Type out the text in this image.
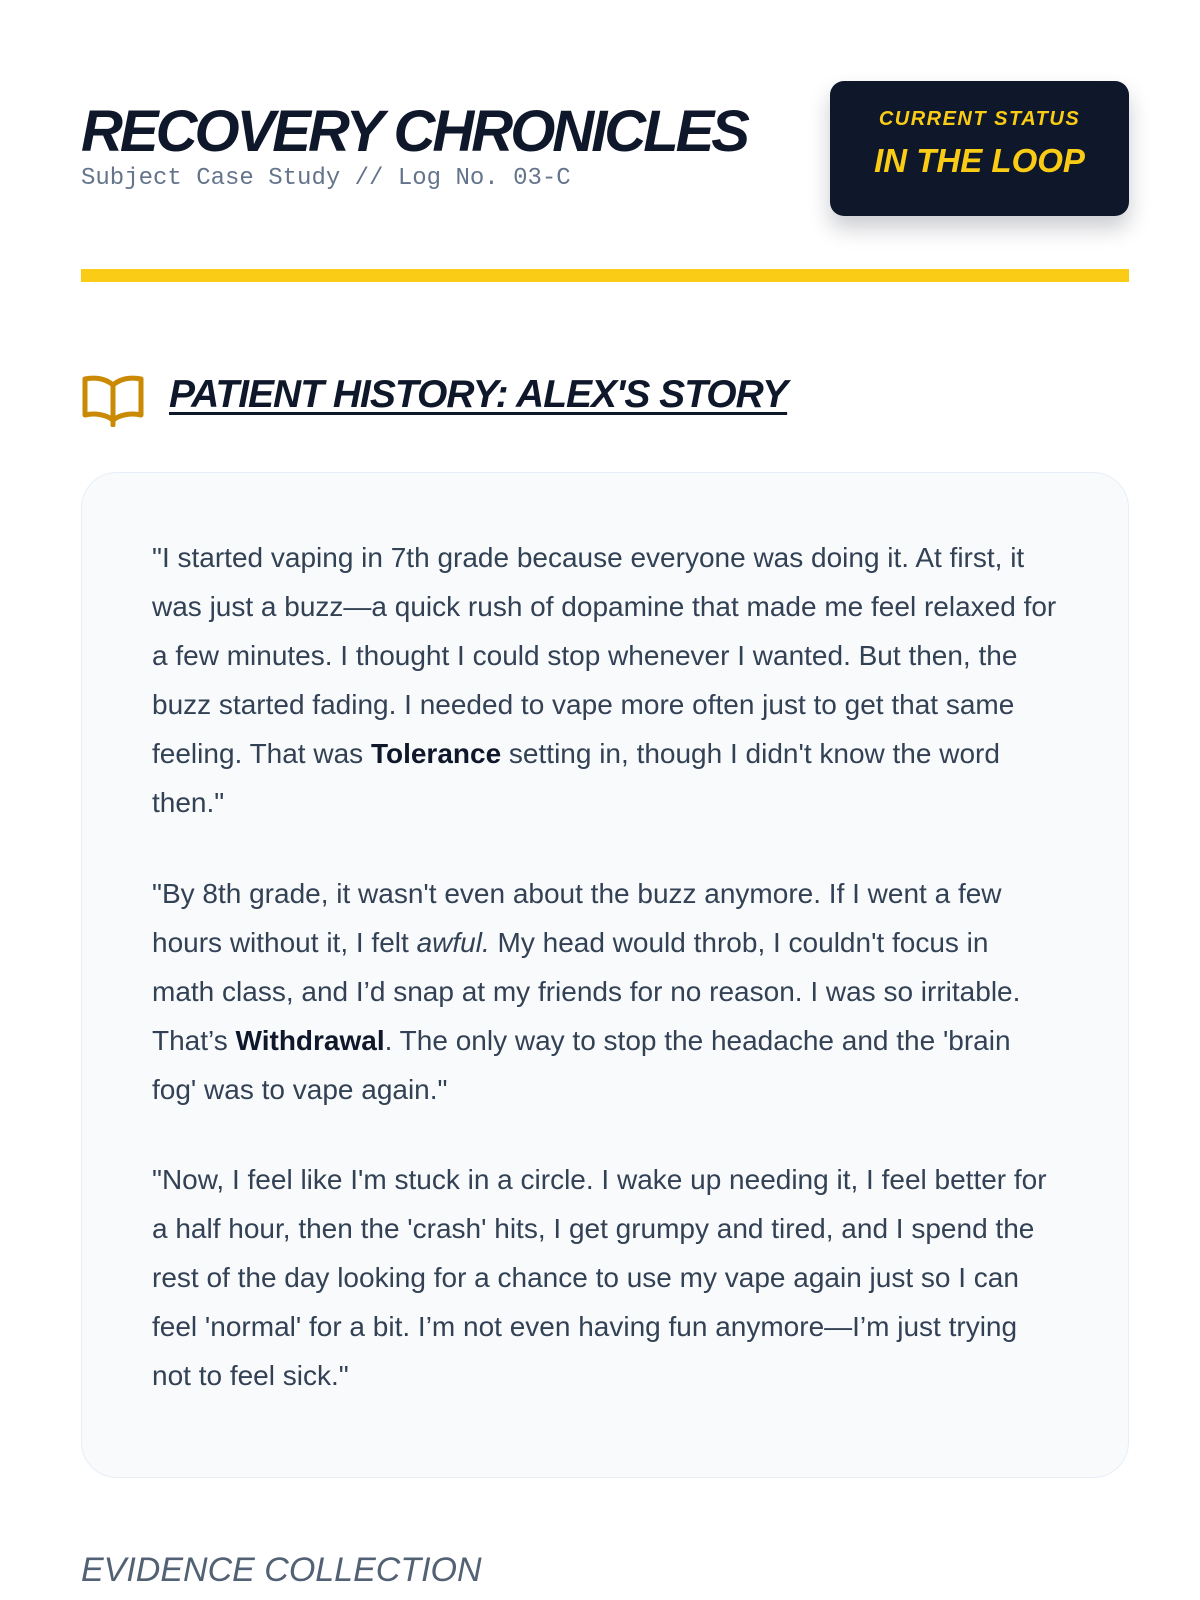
RECOVERY CHRONICLES
Subject Case Study // Log No. 03-C
CURRENT STATUS
IN THE LOOP
PATIENT HISTORY: ALEX'S STORY

"I started vaping in 7th grade because everyone was doing it. At first, it was just a buzz—a quick rush of dopamine that made me feel relaxed for a few minutes. I thought I could stop whenever I wanted. But then, the buzz started fading. I needed to vape more often just to get that same feeling. That was Tolerance setting in, though I didn't know the word then."

"By 8th grade, it wasn't even about the buzz anymore. If I went a few hours without it, I felt awful. My head would throb, I couldn't focus in math class, and I’d snap at my friends for no reason. I was so irritable. That’s Withdrawal. The only way to stop the headache and the 'brain fog' was to vape again."

"Now, I feel like I'm stuck in a circle. I wake up needing it, I feel better for a half hour, then the 'crash' hits, I get grumpy and tired, and I spend the rest of the day looking for a chance to use my vape again just so I can feel 'normal' for a bit. I’m not even having fun anymore—I’m just trying not to feel sick."

EVIDENCE COLLECTION
